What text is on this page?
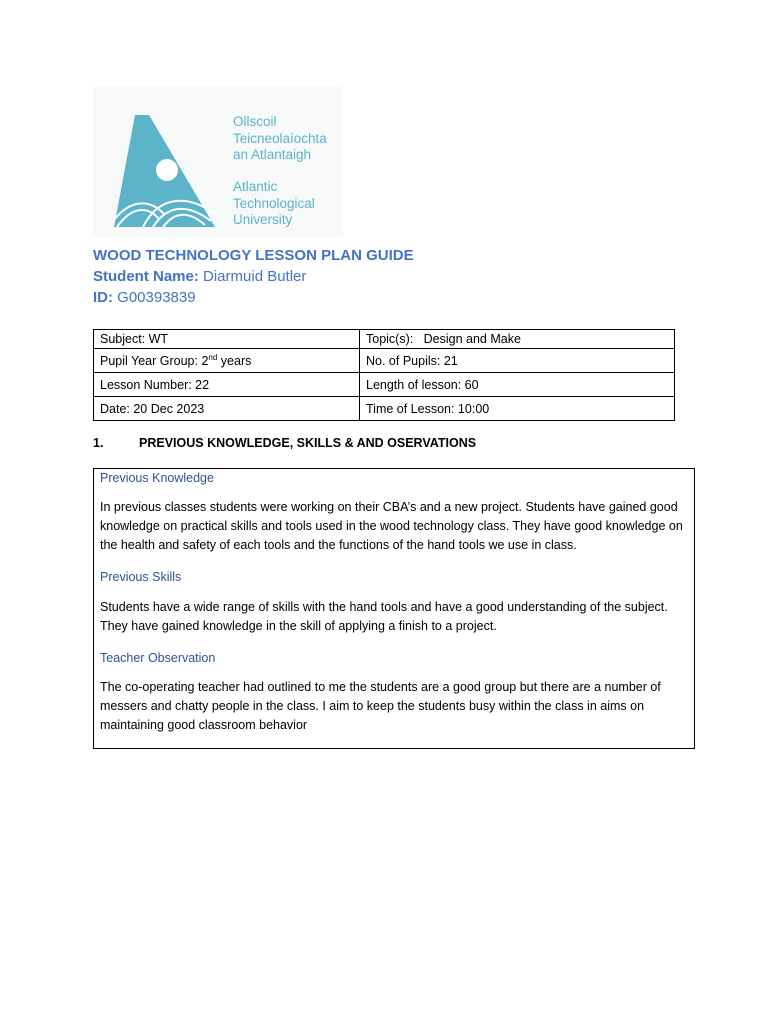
Ollscoil
Teicneolaíochta
an Atlantaigh
Atlantic
Technological
University
WOOD TECHNOLOGY LESSON PLAN GUIDE
Student Name: Diarmuid Butler
ID: G00393839
Subject: WT	Topic(s):   Design and Make
Pupil Year Group: 2nd years	No. of Pupils: 21
Lesson Number: 22	Length of lesson: 60
Date: 20 Dec 2023	Time of Lesson: 10:00
1.	PREVIOUS KNOWLEDGE, SKILLS & AND OSERVATIONS
Previous Knowledge
In previous classes students were working on their CBA’s and a new project. Students have gained good knowledge on practical skills and tools used in the wood technology class. They have good knowledge on the health and safety of each tools and the functions of the hand tools we use in class.
Previous Skills
Students have a wide range of skills with the hand tools and have a good understanding of the subject. They have gained knowledge in the skill of applying a finish to a project.
Teacher Observation
The co-operating teacher had outlined to me the students are a good group but there are a number of messers and chatty people in the class. I aim to keep the students busy within the class in aims on maintaining good classroom behavior
